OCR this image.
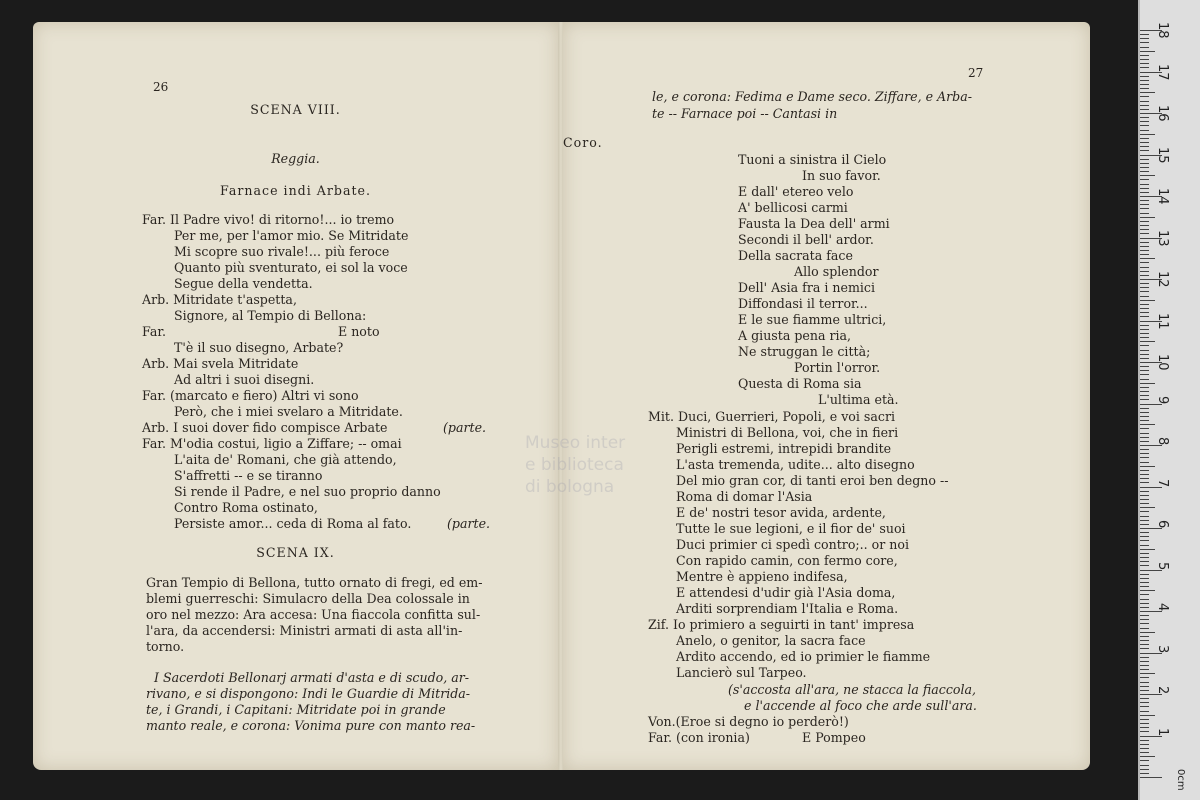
26
SCENA VIII.
Reggia.
Farnace indi Arbate.
Far. Il Padre vivo! di ritorno!... io tremo
Per me, per l'amor mio. Se Mitridate
Mi scopre suo rivale!... più feroce
Quanto più sventurato, ei sol la voce
Segue della vendetta.
Arb. Mitridate t'aspetta,
Signore, al Tempio di Bellona:
Far.	E noto
T'è il suo disegno, Arbate?
Arb. Mai svela Mitridate
Ad altri i suoi disegni.
Far. (marcato e fiero) Altri vi sono
Però, che i miei svelaro a Mitridate.
Arb. I suoi dover fido compisce Arbate	(parte.
Far. M'odia costui, ligio a Ziffare; -- omai
L'aita de' Romani, che già attendo,
S'affretti -- e se tiranno
Si rende il Padre, e nel suo proprio danno
Contro Roma ostinato,
Persiste amor... ceda di Roma al fato.	(parte.
SCENA IX.
Gran Tempio di Bellona, tutto ornato di fregi, ed em-
blemi guerreschi: Simulacro della Dea colossale in
oro nel mezzo: Ara accesa: Una fiaccola confitta sul-
l'ara, da accendersi: Ministri armati di asta all'in-
torno.
I Sacerdoti Bellonarj armati d'asta e di scudo, ar-
rivano, e si dispongono: Indi le Guardie di Mitrida-
te, i Grandi, i Capitani: Mitridate poi in grande
manto reale, e corona: Vonima pure con manto rea-
27
le, e corona: Fedima e Dame seco. Ziffare, e Arba-
te -- Farnace poi -- Cantasi in
Coro.
Tuoni a sinistra il Cielo
In suo favor.
E dall' etereo velo
A' bellicosi carmi
Fausta la Dea dell' armi
Secondi il bell' ardor.
Della sacrata face
Allo splendor
Dell' Asia fra i nemici
Diffondasi il terror...
E le sue fiamme ultrici,
A giusta pena ria,
Ne struggan le città;
Portin l'orror.
Questa di Roma sia
L'ultima età.
Mit. Duci, Guerrieri, Popoli, e voi sacri
Ministri di Bellona, voi, che in fieri
Perigli estremi, intrepidi brandite
L'asta tremenda, udite... alto disegno
Del mio gran cor, di tanti eroi ben degno --
Roma di domar l'Asia
E de' nostri tesor avida, ardente,
Tutte le sue legioni, e il fior de' suoi
Duci primier ci spedì contro;.. or noi
Con rapido camin, con fermo core,
Mentre è appieno indifesa,
E attendesi d'udir già l'Asia doma,
Arditi sorprendiam l'Italia e Roma.
Zif. Io primiero a seguirti in tant' impresa
Anelo, o genitor, la sacra face
Ardito accendo, ed io primier le fiamme
Lancierò sul Tarpeo.
(s'accosta all'ara, ne stacca la fiaccola,
e l'accende al foco che arde sull'ara.
Von.(Eroe si degno io perderò!)
Far. (con ironia)	E Pompeo
Museo inter
e biblioteca
di bologna
0cm
18
17
16
15
14
13
12
11
10
9
8
7
6
5
4
3
2
1
